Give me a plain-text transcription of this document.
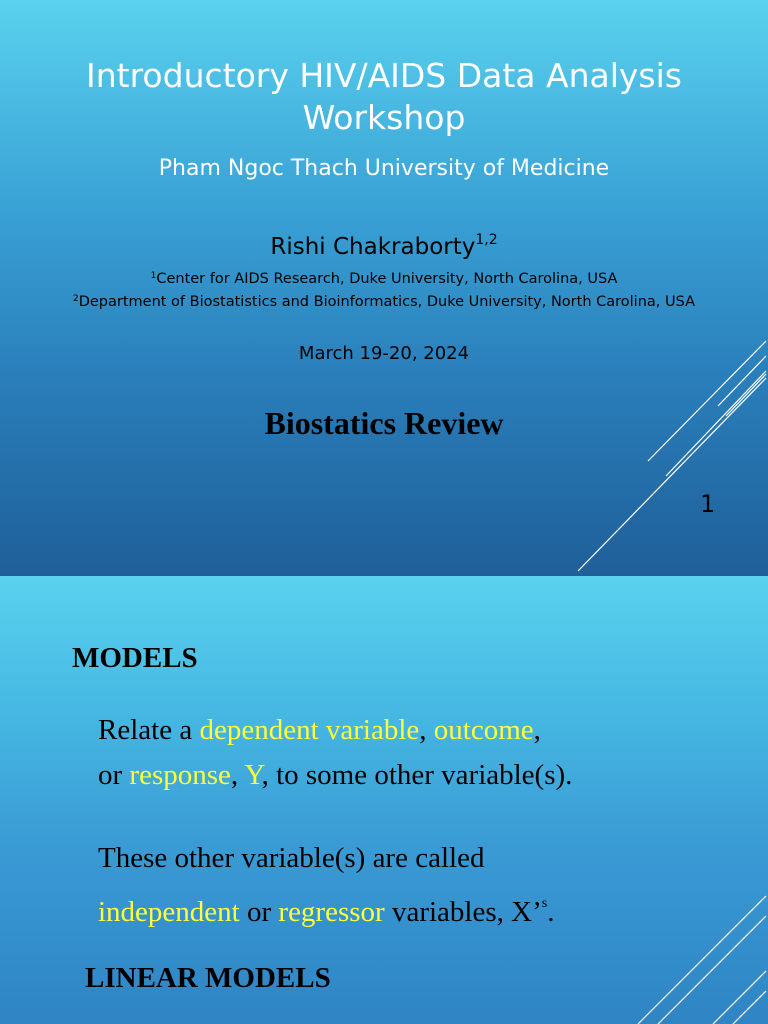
Introductory HIV/AIDS Data Analysis
Workshop
Pham Ngoc Thach University of Medicine
Rishi Chakraborty$^{1,2}$
$^1$Center for AIDS Research, Duke University, North Carolina, USA
$^2$Department of Biostatistics and Bioinformatics, Duke University, North Carolina, USA
March 19-20, 2024
Biostatics Review
1
MODELS
Relate a dependent variable, outcome,
or response, Y, to some other variable(s).
These other variable(s) are called
independent or regressor variables, X’$^s$.
LINEAR MODELS
